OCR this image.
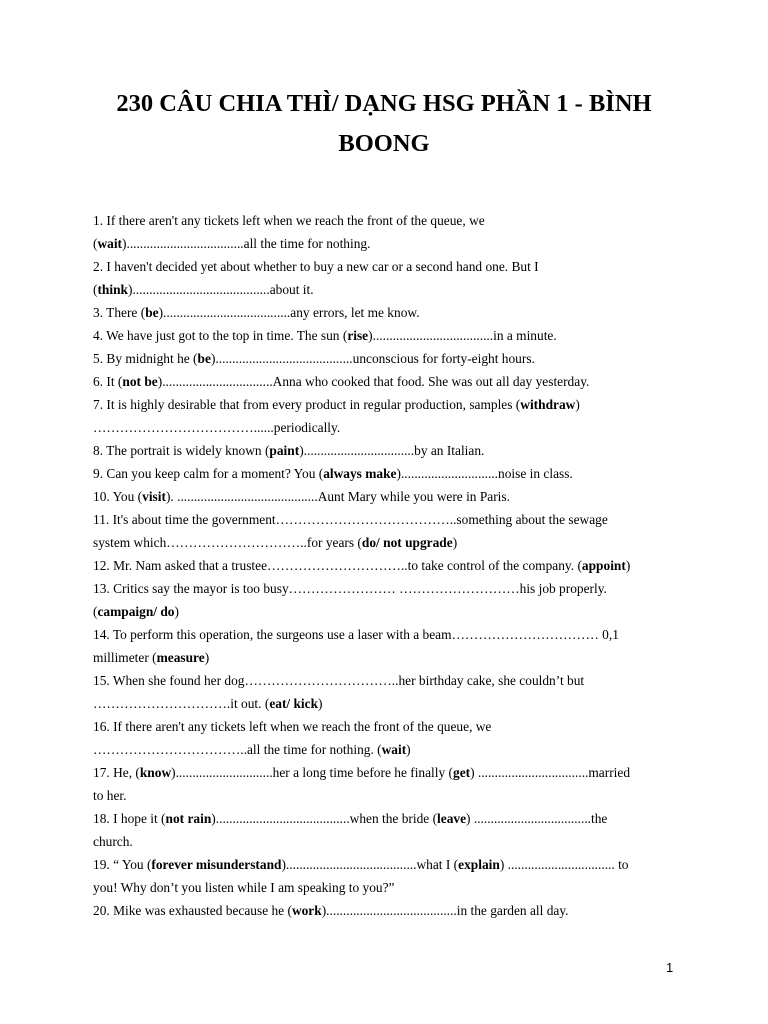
230 CÂU CHIA THÌ/ DẠNG HSG PHẦN 1 - BÌNH BOONG
1. If there aren't any tickets left when we reach the front of the queue, we
(wait)...................................all the time for nothing.
2. I haven't decided yet about whether to buy a new car or a second hand one. But I
(think).........................................about it.
3. There (be)......................................any errors, let me know.
4. We have just got to the top in time. The sun (rise)....................................in a minute.
5. By midnight he (be).........................................unconscious for forty-eight hours.
6. It (not be).................................Anna who cooked that food. She was out all day yesterday.
7. It is highly desirable that from every product in regular production, samples (withdraw)
………………………………......periodically.
8. The portrait is widely known (paint).................................by an Italian.
9. Can you keep calm for a moment? You (always make).............................noise in class.
10. You (visit). ..........................................Aunt Mary while you were in Paris.
11. It's about time the government…………………………………..something about the sewage
system which…………………………..for years (do/ not upgrade)
12. Mr. Nam asked that a trustee…………………………..to take control of the company. (appoint)
13. Critics say the mayor is too busy…………………… ………………………his job properly.
(campaign/ do)
14. To perform this operation, the surgeons use a laser with a beam…………………………… 0,1
millimeter (measure)
15. When she found her dog……………………………..her birthday cake, she couldn’t but
………………………….it out. (eat/ kick)
16. If there aren't any tickets left when we reach the front of the queue, we
……………………………..all the time for nothing. (wait)
17. He, (know).............................her a long time before he finally (get) .................................married
to her.
18. I hope it (not rain)........................................when the bride (leave) ...................................the
church.
19. “ You (forever misunderstand).......................................what I (explain) ................................ to
you! Why don’t you listen while I am speaking to you?”
20. Mike was exhausted because he (work).......................................in the garden all day.
1
